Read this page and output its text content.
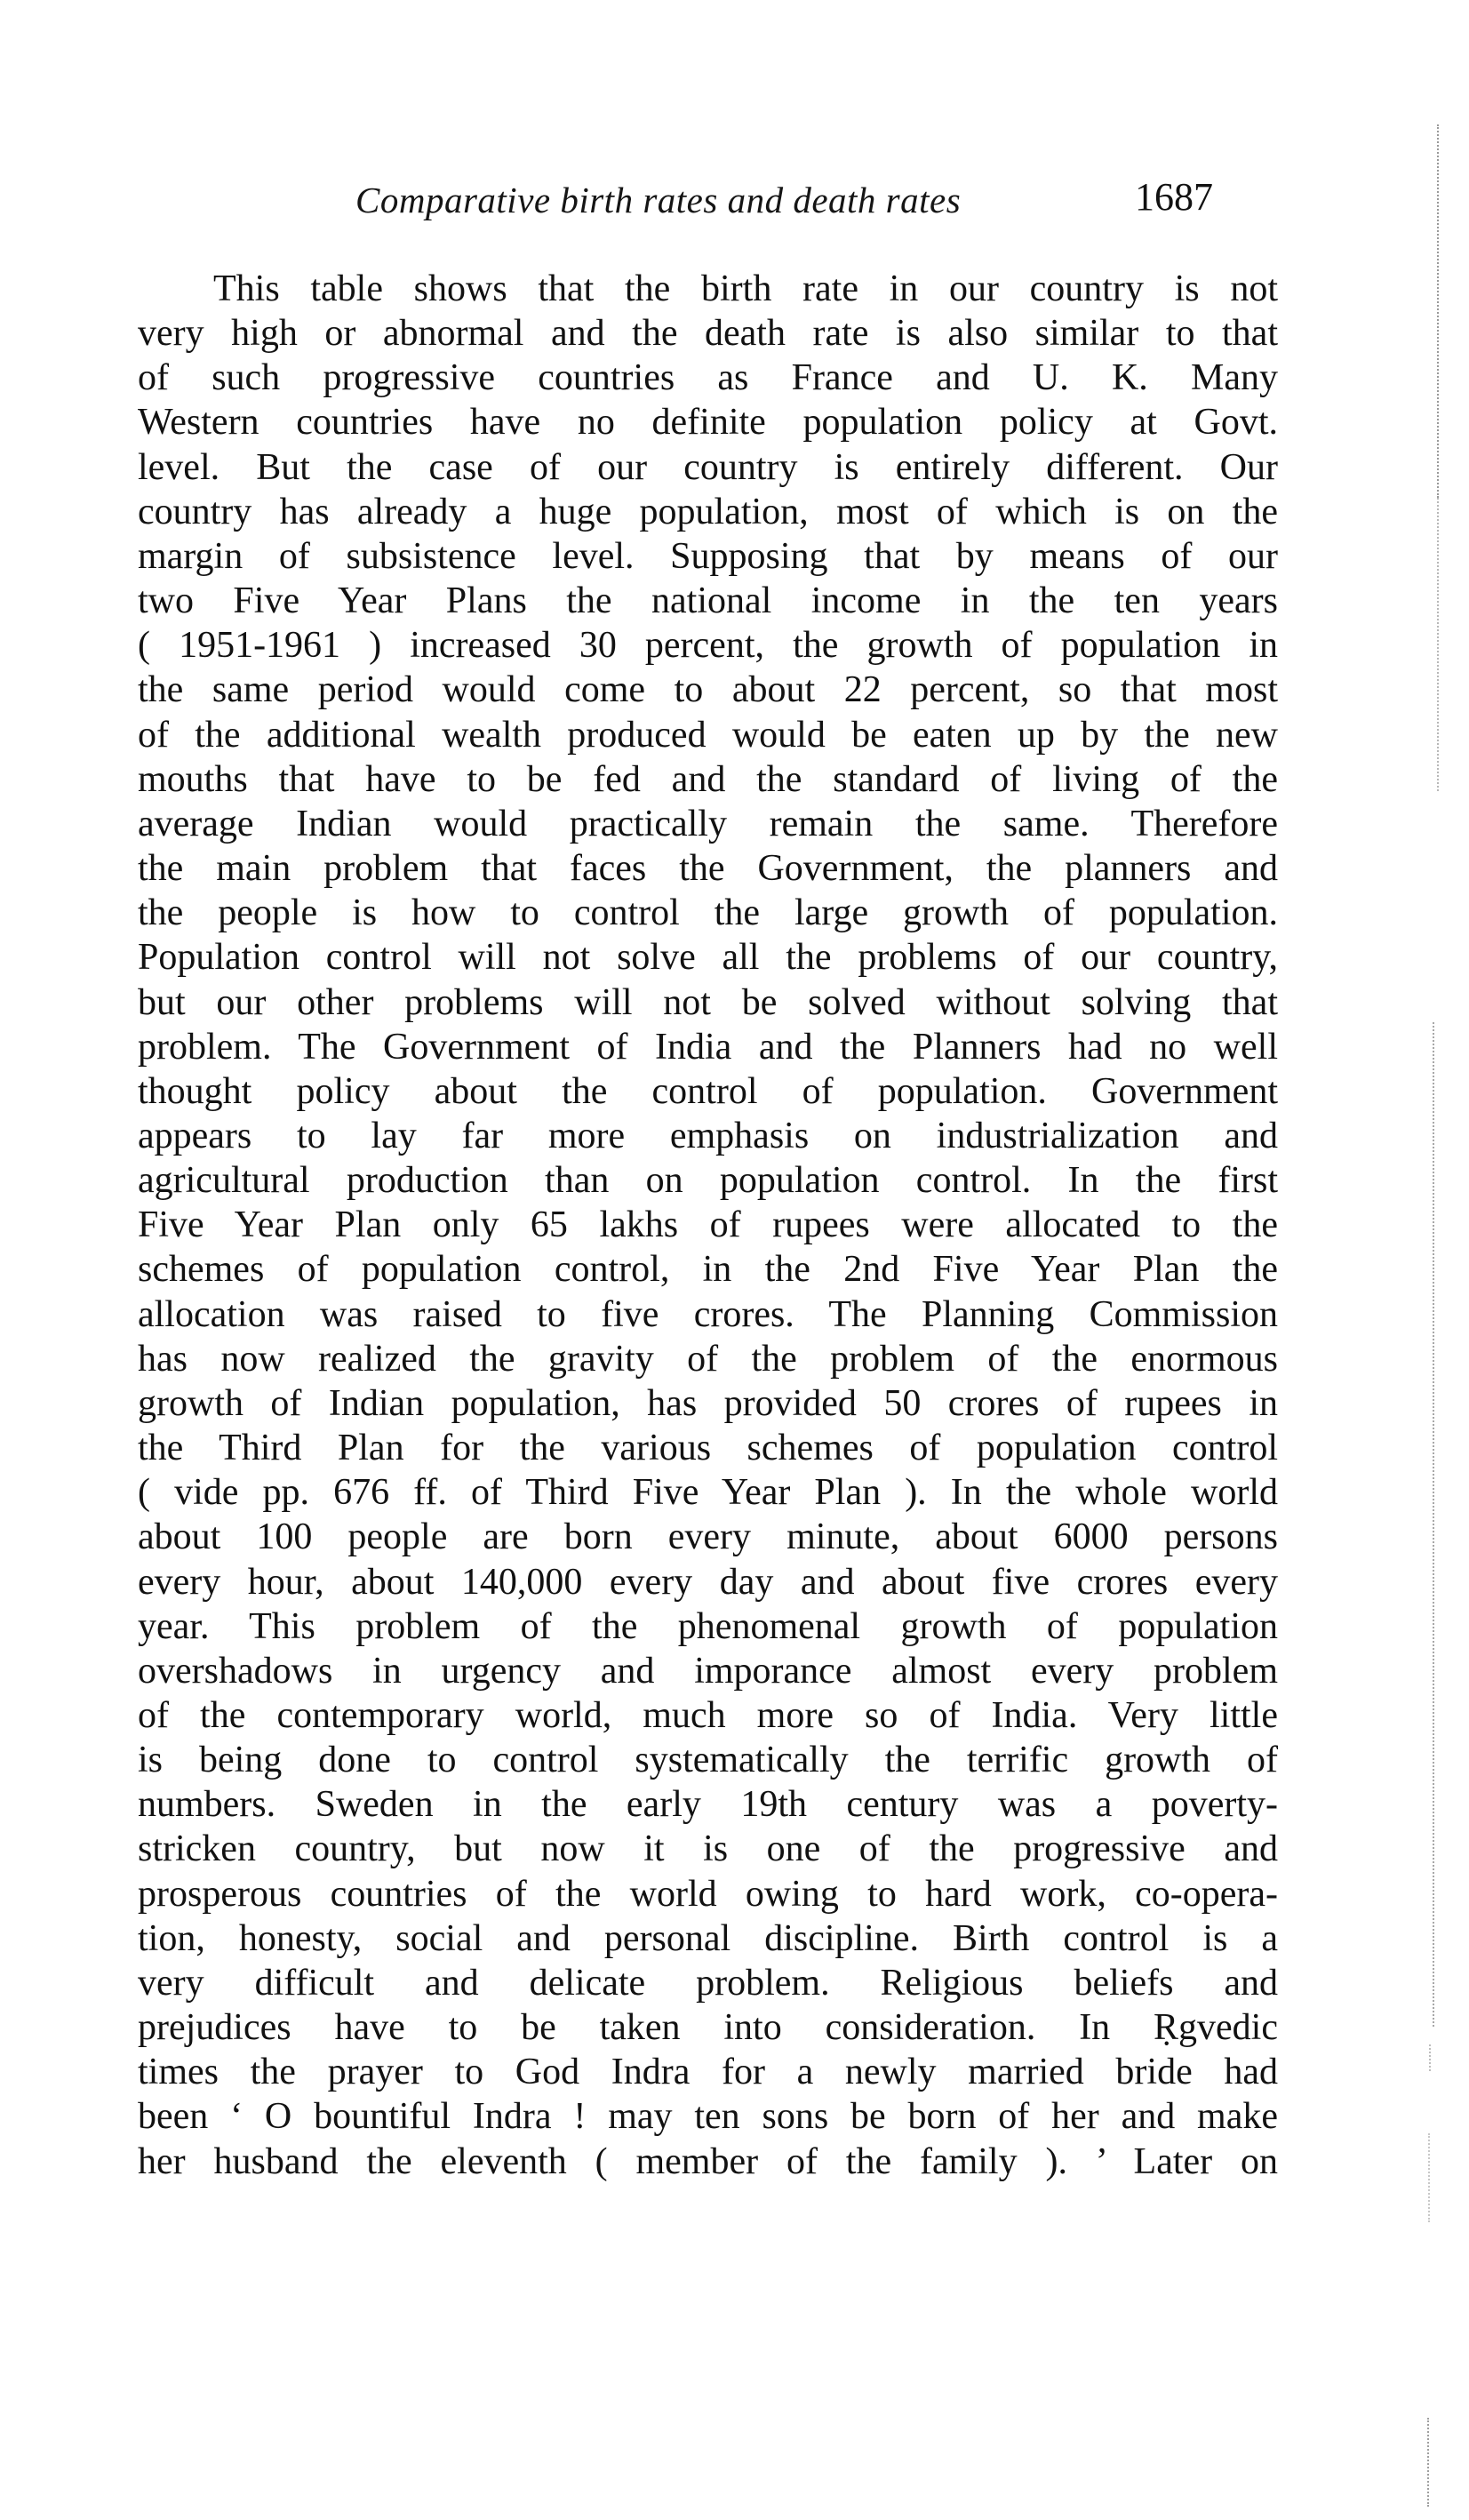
Comparative birth rates and death rates	1687
This table shows that the birth rate in our country is not
very high or abnormal and the death rate is also similar to that
of such progressive countries as France and U. K. Many
Western countries have no definite population policy at Govt.
level. But the case of our country is entirely different. Our
country has already a huge population, most of which is on the
margin of subsistence level. Supposing that by means of our
two Five Year Plans the national income in the ten years
( 1951-1961 ) increased 30 percent, the growth of population in
the same period would come to about 22 percent, so that most
of the additional wealth produced would be eaten up by the new
mouths that have to be fed and the standard of living of the
average Indian would practically remain the same. Therefore
the main problem that faces the Government, the planners and
the people is how to control the large growth of population.
Population control will not solve all the problems of our country,
but our other problems will not be solved without solving that
problem. The Government of India and the Planners had no well
thought policy about the control of population. Government
appears to lay far more emphasis on industrialization and
agricultural production than on population control. In the first
Five Year Plan only 65 lakhs of rupees were allocated to the
schemes of population control, in the 2nd Five Year Plan the
allocation was raised to five crores. The Planning Commission
has now realized the gravity of the problem of the enormous
growth of Indian population, has provided 50 crores of rupees in
the Third Plan for the various schemes of population control
( vide pp. 676 ff. of Third Five Year Plan ). In the whole world
about 100 people are born every minute, about 6000 persons
every hour, about 140,000 every day and about five crores every
year. This problem of the phenomenal growth of population
overshadows in urgency and imporance almost every problem
of the contemporary world, much more so of India. Very little
is being done to control systematically the terrific growth of
numbers. Sweden in the early 19th century was a poverty-
stricken country, but now it is one of the progressive and
prosperous countries of the world owing to hard work, co-opera-
tion, honesty, social and personal discipline. Birth control is a
very difficult and delicate problem. Religious beliefs and
prejudices have to be taken into consideration. In Ṛgvedic
times the prayer to God Indra for a newly married bride had
been ‘ O bountiful Indra ! may ten sons be born of her and make
her husband the eleventh ( member of the family ). ’ Later on
